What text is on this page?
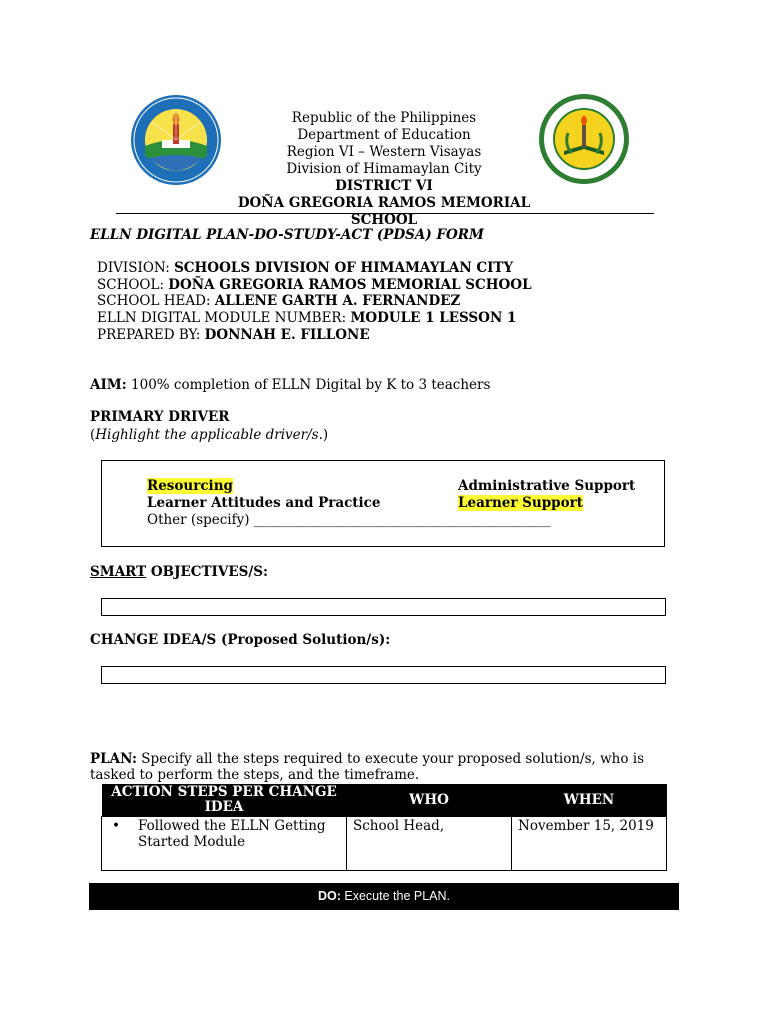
Republic of the Philippines
Department of Education
Region VI – Western Visayas
Division of Himamaylan City
DISTRICT VI
DOÑA GREGORIA RAMOS MEMORIAL SCHOOL
ELLN DIGITAL PLAN-DO-STUDY-ACT (PDSA) FORM
DIVISION: SCHOOLS DIVISION OF HIMAMAYLAN CITY
SCHOOL: DOÑA GREGORIA RAMOS MEMORIAL SCHOOL
SCHOOL HEAD: ALLENE GARTH A. FERNANDEZ
ELLN DIGITAL MODULE NUMBER: MODULE 1 LESSON 1
PREPARED BY: DONNAH E. FILLONE
AIM: 100% completion of ELLN Digital by K to 3 teachers
PRIMARY DRIVER
(Highlight the applicable driver/s.)
Resourcing	Administrative Support
Learner Attitudes and Practice	Learner Support
Other (specify) ____________________________________________
SMART OBJECTIVES/S:
CHANGE IDEA/S (Proposed Solution/s):
PLAN: Specify all the steps required to execute your proposed solution/s, who is tasked to perform the steps, and the timeframe.
ACTION STEPS PER CHANGE IDEA	WHO	WHEN

• Followed the ELLN Getting Started Module	School Head,	November 15, 2019
DO: Execute the PLAN.
